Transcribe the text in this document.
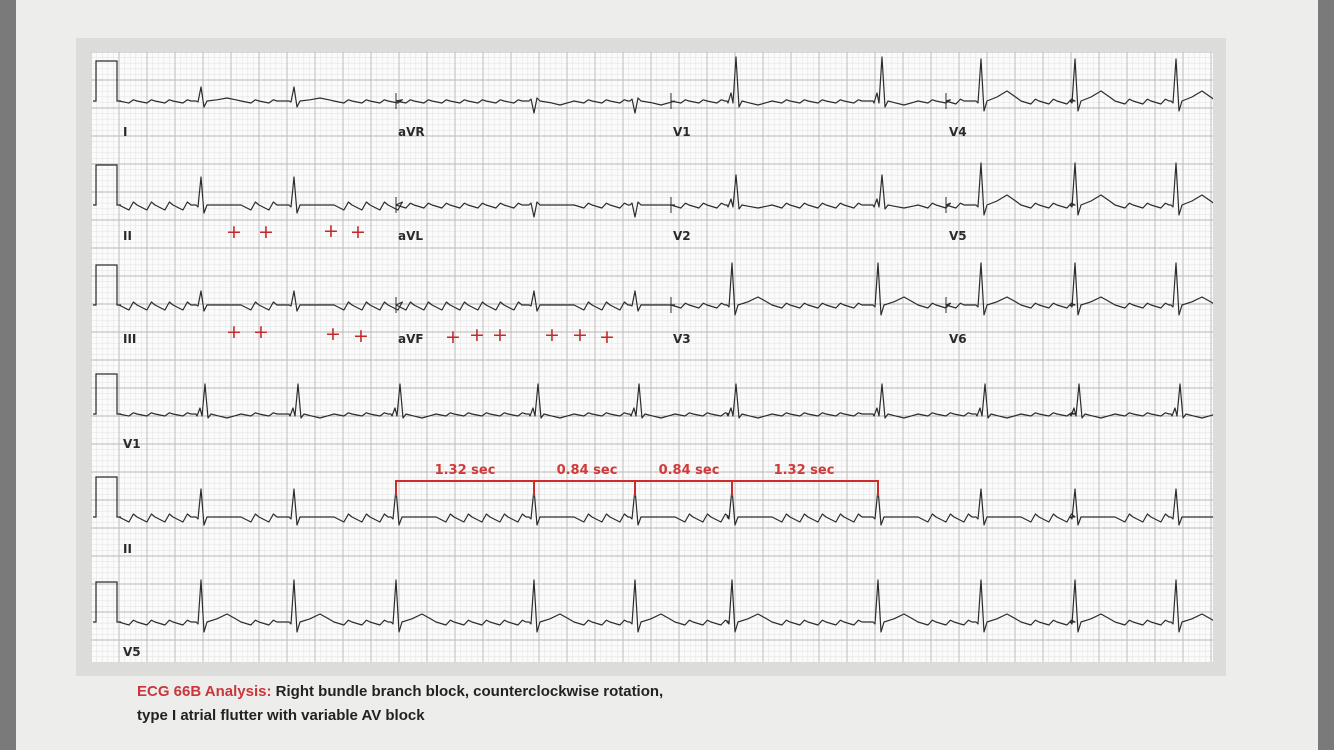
I	aVR	V1	V4
II	aVL	V2	V5
III	aVF	V3	V6
V1
II
V5
+ +	+ +
+ +	+ +	+ + + + + +
1.32 sec	0.84 sec	0.84 sec	1.32 sec
ECG 66B Analysis: Right bundle branch block, counterclockwise rotation, type I atrial flutter with variable AV block
